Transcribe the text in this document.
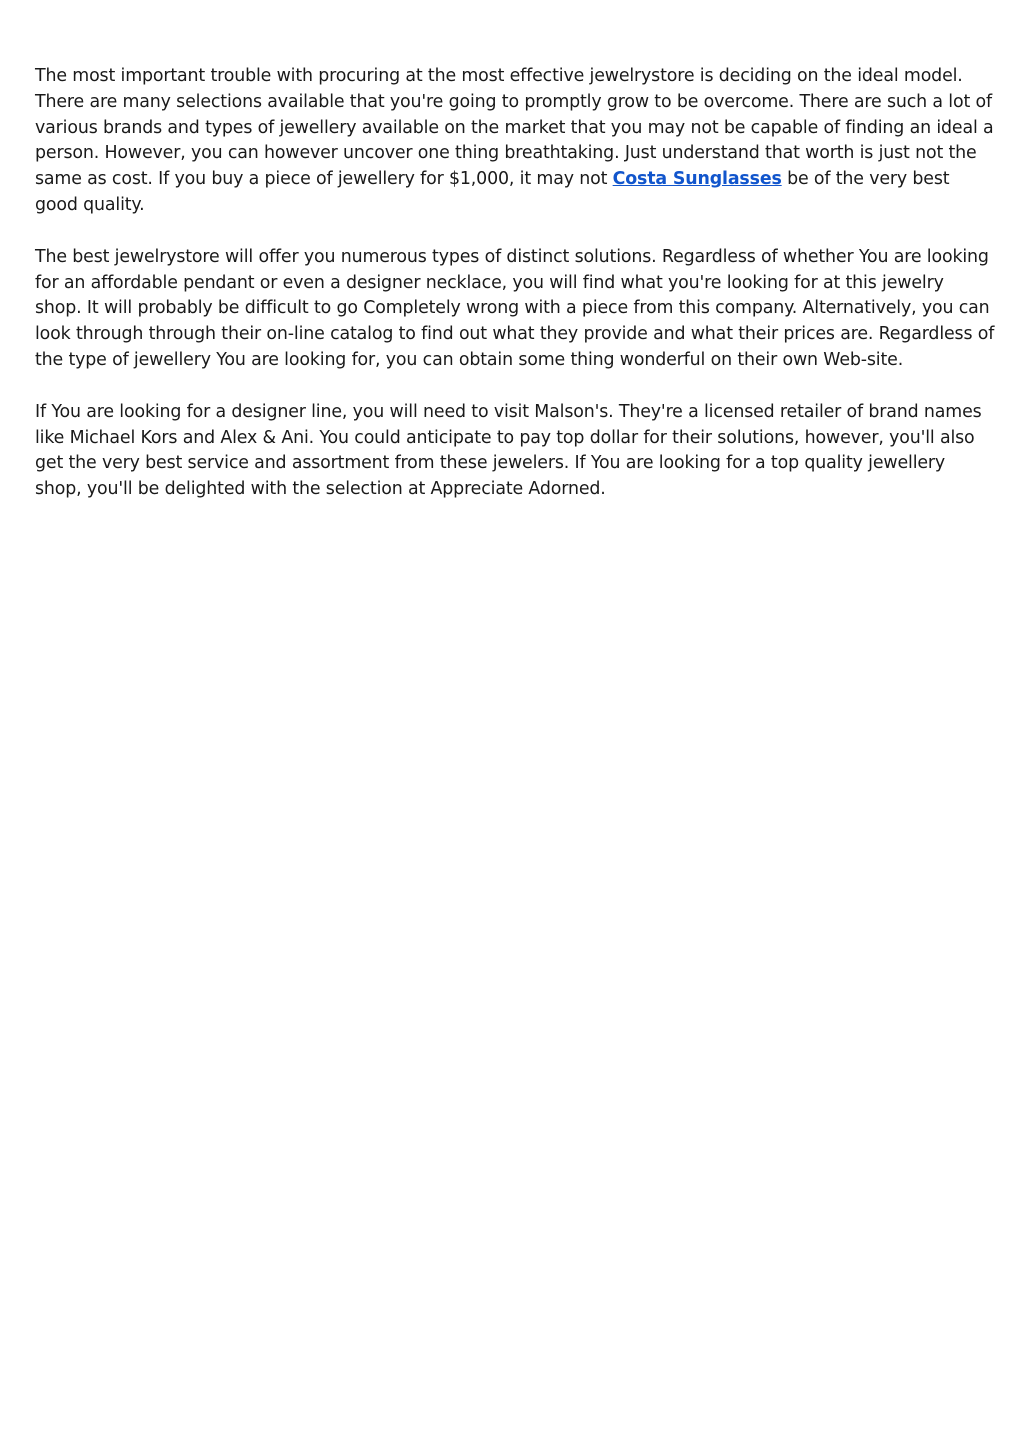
The most important trouble with procuring at the most effective jewelrystore is deciding on the ideal model. There are many selections available that you're going to promptly grow to be overcome. There are such a lot of various brands and types of jewellery available on the market that you may not be capable of finding an ideal a person. However, you can however uncover one thing breathtaking. Just understand that worth is just not the same as cost. If you buy a piece of jewellery for $1,000, it may not Costa Sunglasses be of the very best good quality.

The best jewelrystore will offer you numerous types of distinct solutions. Regardless of whether You are looking for an affordable pendant or even a designer necklace, you will find what you're looking for at this jewelry shop. It will probably be difficult to go Completely wrong with a piece from this company. Alternatively, you can look through through their on-line catalog to find out what they provide and what their prices are. Regardless of the type of jewellery You are looking for, you can obtain some thing wonderful on their own Web-site.

If You are looking for a designer line, you will need to visit Malson's. They're a licensed retailer of brand names like Michael Kors and Alex & Ani. You could anticipate to pay top dollar for their solutions, however, you'll also get the very best service and assortment from these jewelers. If You are looking for a top quality jewellery shop, you'll be delighted with the selection at Appreciate Adorned.
